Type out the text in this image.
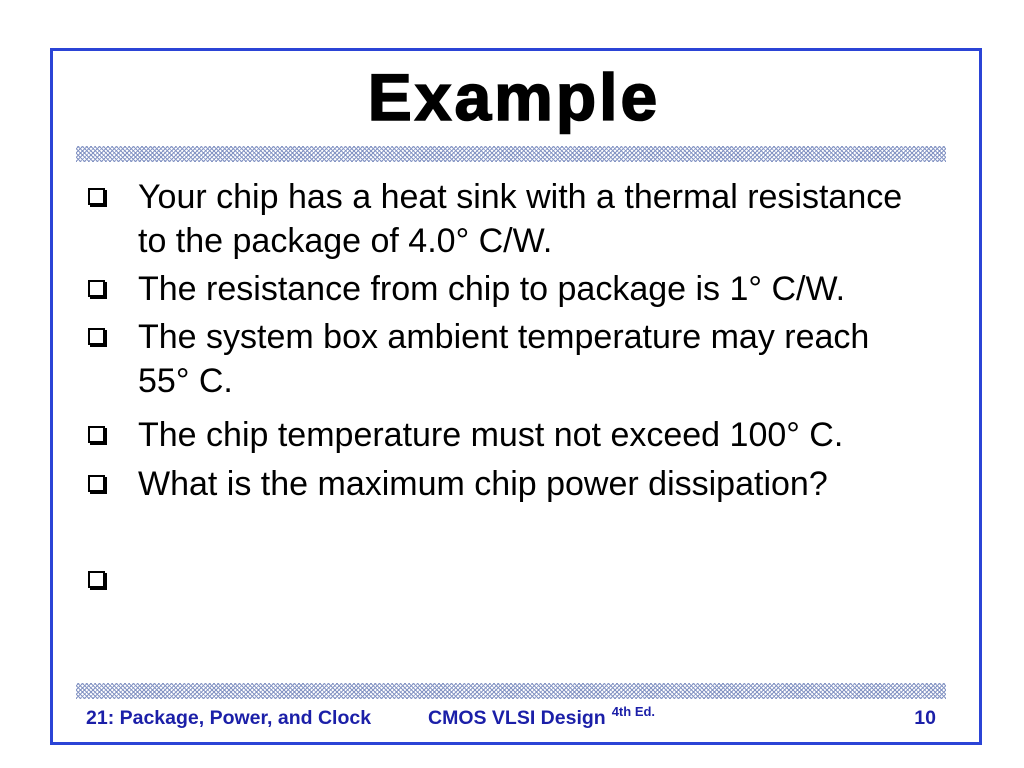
Example
Your chip has a heat sink with a thermal resistance to the package of 4.0° C/W.
The resistance from chip to package is 1° C/W.
The system box ambient temperature may reach 55° C.
The chip temperature must not exceed 100° C.
What is the maximum chip power dissipation?
21: Package, Power, and Clock	CMOS VLSI Design $^{4th Ed.}$	10
